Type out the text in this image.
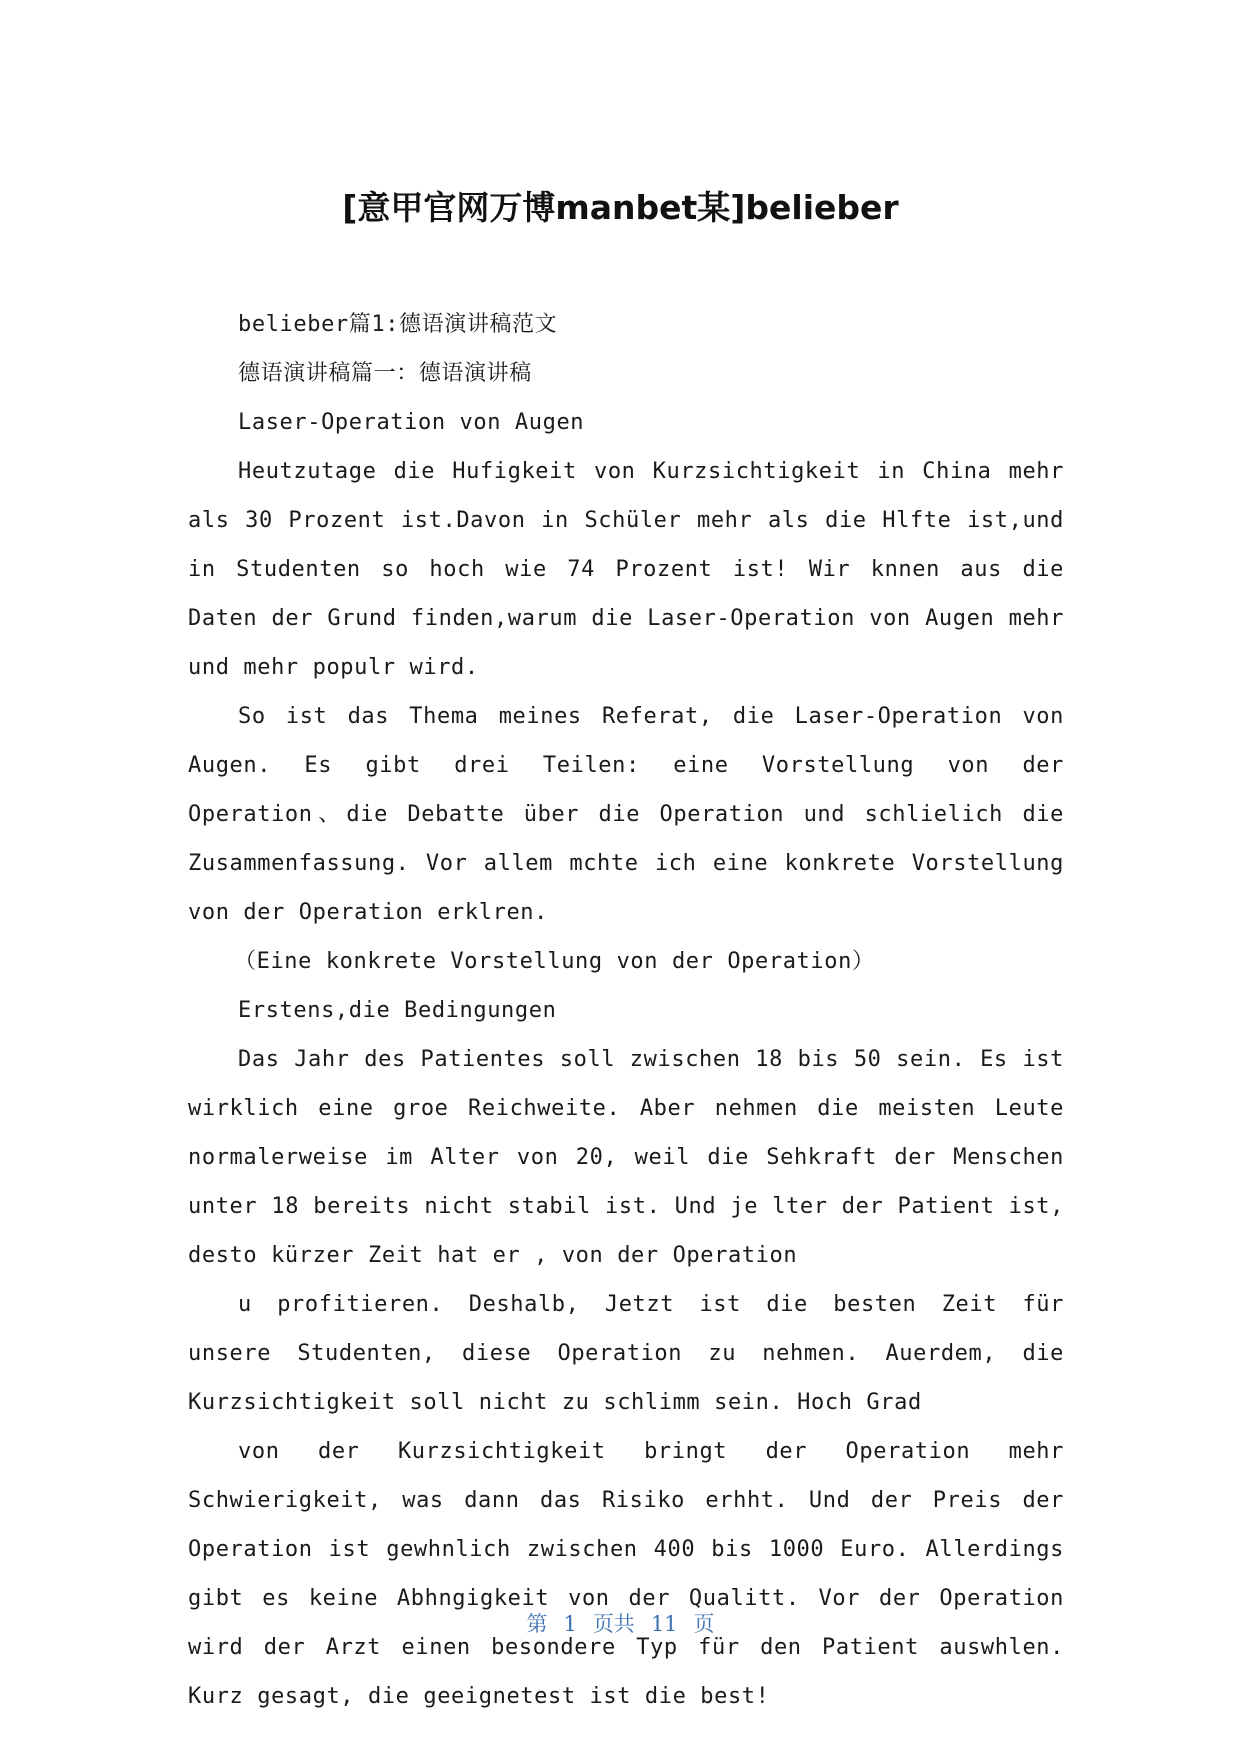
[意甲官网万博manbet某]belieber

belieber篇1:德语演讲稿范文

德语演讲稿篇一：德语演讲稿

Laser-Operation von Augen

Heutzutage die Hufigkeit von Kurzsichtigkeit in China mehr als 30 Prozent ist.Davon in Schüler mehr als die Hlfte ist,und in Studenten so hoch wie 74 Prozent ist! Wir knnen aus die Daten der Grund finden,warum die Laser-Operation von Augen mehr und mehr populr wird.

So ist das Thema meines Referat, die Laser-Operation von Augen. Es gibt drei Teilen: eine Vorstellung von der Operation、die Debatte über die Operation und schlielich die Zusammenfassung. Vor allem mchte ich eine konkrete Vorstellung von der Operation erklren.

（Eine konkrete Vorstellung von der Operation）

Erstens,die Bedingungen

Das Jahr des Patientes soll zwischen 18 bis 50 sein. Es ist wirklich eine groe Reichweite. Aber nehmen die meisten Leute normalerweise im Alter von 20, weil die Sehkraft der Menschen unter 18 bereits nicht stabil ist. Und je lter der Patient ist, desto kürzer Zeit hat er , von der Operation

u profitieren. Deshalb, Jetzt ist die besten Zeit für unsere Studenten, diese Operation zu nehmen. Auerdem, die Kurzsichtigkeit soll nicht zu schlimm sein. Hoch Grad

von der Kurzsichtigkeit bringt der Operation mehr Schwierigkeit, was dann das Risiko erhht. Und der Preis der Operation ist gewhnlich zwischen 400 bis 1000 Euro. Allerdings gibt es keine Abhngigkeit von der Qualitt. Vor der Operation wird der Arzt einen besondere Typ für den Patient auswhlen. Kurz gesagt, die geeignetest ist die best!

第 1 页共 11 页
